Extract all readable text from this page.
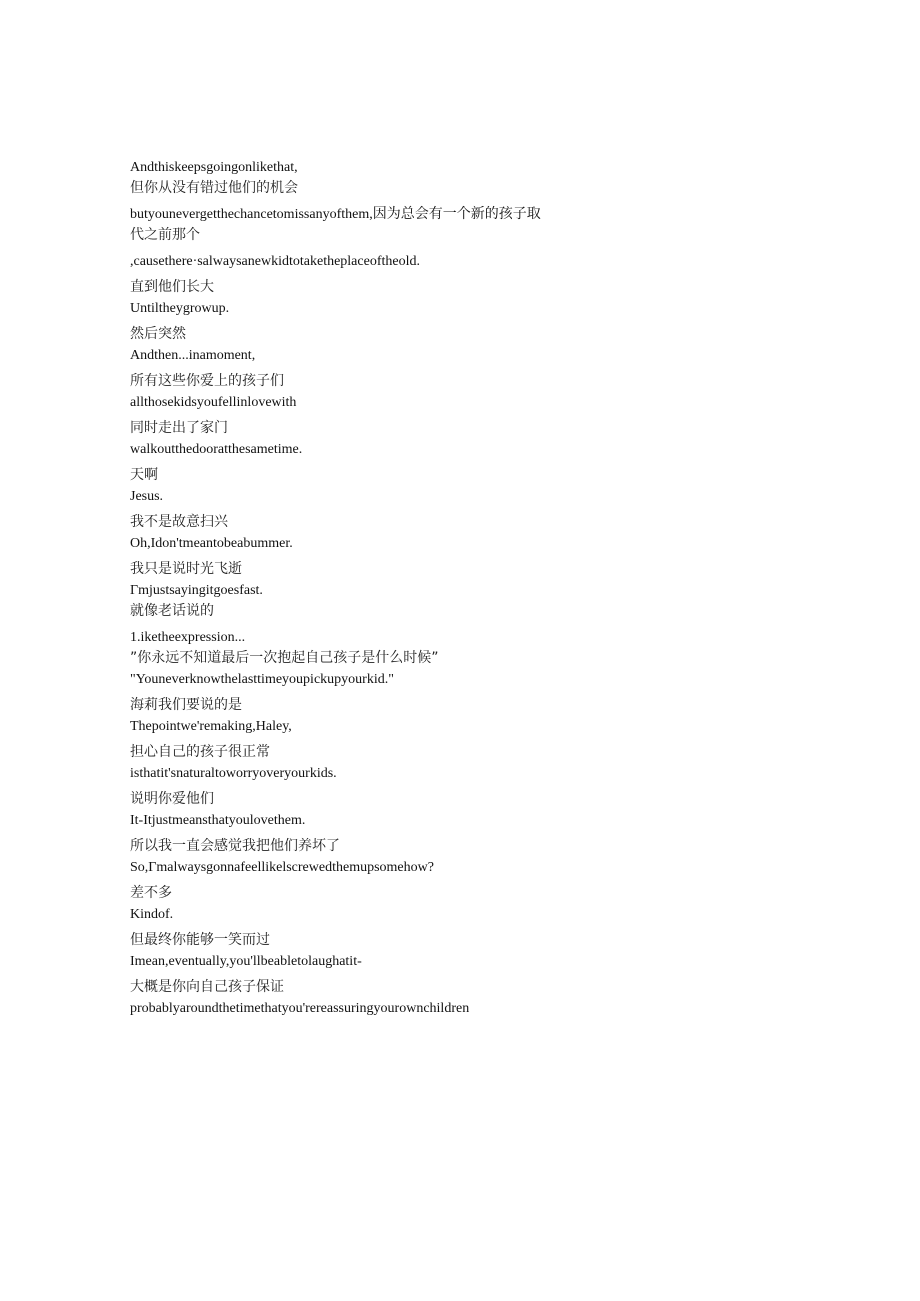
Andthiskeepsgoingonlikethat,
但你从没有错过他们的机会
butyounevergetthechancetomissanyofthem,因为总会有一个新的孩子取
代之前那个
,causethere·salwaysanewkidtotaketheplaceoftheold.
直到他们长大
Untiltheygrowup.
然后突然
Andthen...inamoment,
所有这些你爱上的孩子们
allthosekidsyoufellinlovewith
同时走出了家门
walkoutthedooratthesametime.
天啊
Jesus.
我不是故意扫兴
Oh,Idon'tmeantobeabummer.
我只是说时光飞逝
Γmjustsayingitgoesfast.
就像老话说的
1.iketheexpression...
”你永远不知道最后一次抱起自己孩子是什么时候”
"Youneverknowthelasttimeyoupickupyourkid."
海莉我们要说的是
Thepointwe'remaking,Haley,
担心自己的孩子很正常
isthatit'snaturaltoworryoveryourkids.
说明你爱他们
It-Itjustmeansthatyoulovethem.
所以我一直会感觉我把他们养坏了
So,Γmalwaysgonnafeellikelscrewedthemupsomehow?
差不多
Kindof.
但最终你能够一笑而过
Imean,eventually,you'llbeabletolaughatit-
大概是你向自己孩子保证
probablyaroundthetimethatyou'rereassuringyourownchildren
